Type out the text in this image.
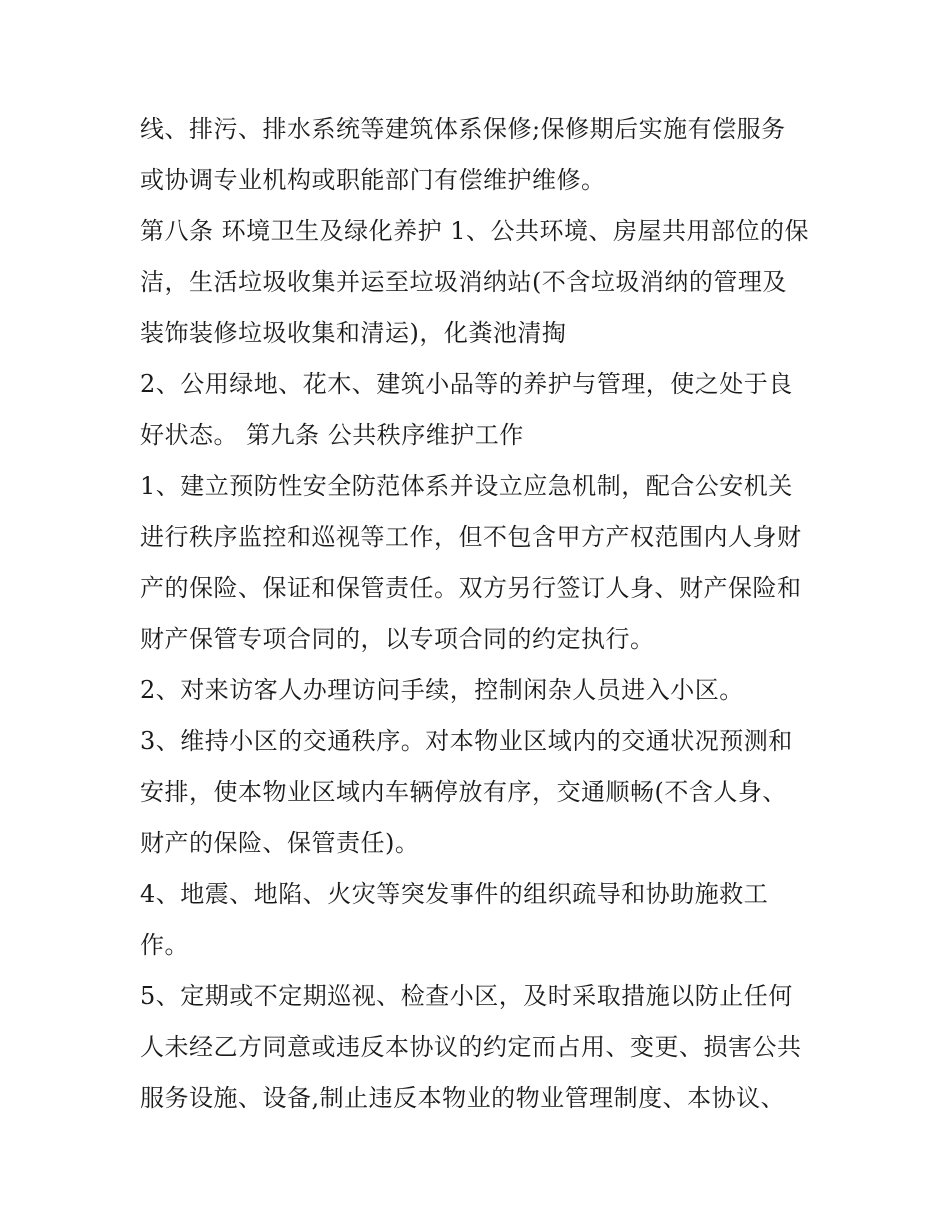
线、排污、排水系统等建筑体系保修;保修期后实施有偿服务
或协调专业机构或职能部门有偿维护维修。
第八条 环境卫生及绿化养护 1、公共环境、房屋共用部位的保
洁，生活垃圾收集并运至垃圾消纳站(不含垃圾消纳的管理及
装饰装修垃圾收集和清运)，化粪池清掏
2、公用绿地、花木、建筑小品等的养护与管理，使之处于良
好状态。 第九条 公共秩序维护工作
1、建立预防性安全防范体系并设立应急机制，配合公安机关
进行秩序监控和巡视等工作，但不包含甲方产权范围内人身财
产的保险、保证和保管责任。双方另行签订人身、财产保险和
财产保管专项合同的，以专项合同的约定执行。
2、对来访客人办理访问手续，控制闲杂人员进入小区。
3、维持小区的交通秩序。对本物业区域内的交通状况预测和
安排，使本物业区域内车辆停放有序，交通顺畅(不含人身、
财产的保险、保管责任)。
4、地震、地陷、火灾等突发事件的组织疏导和协助施救工
作。
5、定期或不定期巡视、检查小区，及时采取措施以防止任何
人未经乙方同意或违反本协议的约定而占用、变更、损害公共
服务设施、设备,制止违反本物业的物业管理制度、本协议、
